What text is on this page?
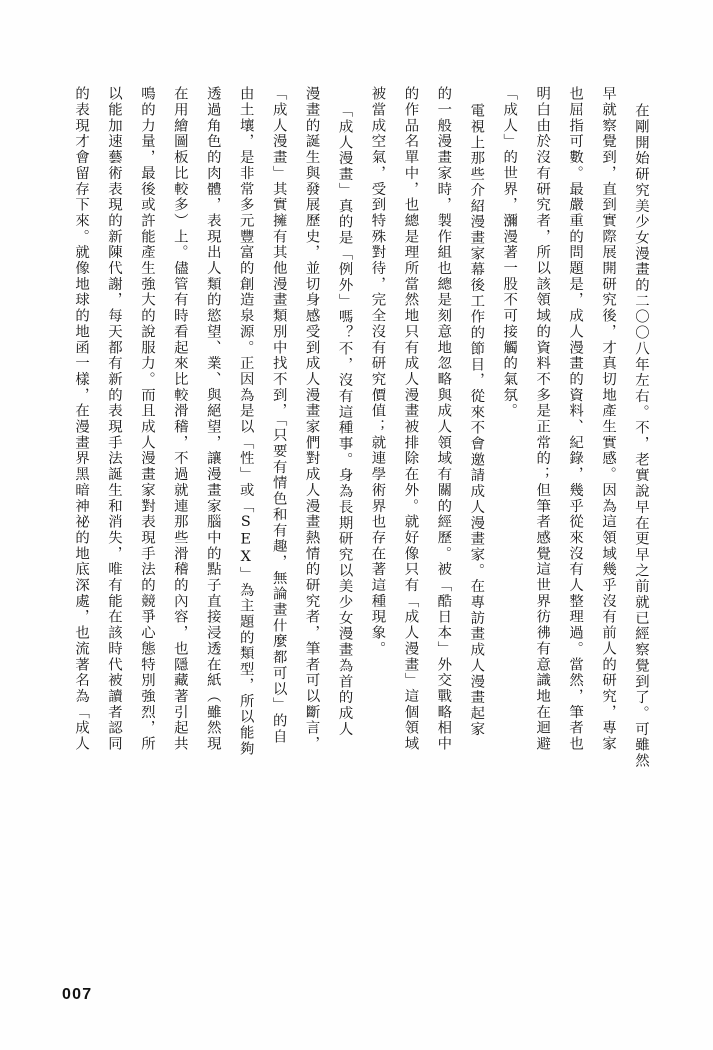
在剛開始研究美少女漫畫的二〇〇八年左右。不，老實說早在更早之前就已經察覺到了。可雖然
早就察覺到，直到實際展開研究後，才真切地產生實感。因為這領域幾乎沒有前人的研究，專家
也屈指可數。最嚴重的問題是，成人漫畫的資料、紀錄，幾乎從來沒有人整理過。當然，筆者也
明白由於沒有研究者，所以該領域的資料不多是正常的；但筆者感覺這世界彷彿有意識地在迴避
「成人」的世界，瀰漫著一股不可接觸的氣氛。
電視上那些介紹漫畫家幕後工作的節目，從來不會邀請成人漫畫家。在專訪畫成人漫畫起家
的一般漫畫家時，製作組也總是刻意地忽略與成人領域有關的經歷。被「酷日本」外交戰略相中
的作品名單中，也總是理所當然地只有成人漫畫被排除在外。就好像只有「成人漫畫」這個領域
被當成空氣，受到特殊對待，完全沒有研究價值；就連學術界也存在著這種現象。
「成人漫畫」真的是「例外」嗎？不，沒有這種事。身為長期研究以美少女漫畫為首的成人
漫畫的誕生與發展歷史，並切身感受到成人漫畫家們對成人漫畫熱情的研究者，筆者可以斷言，
「成人漫畫」其實擁有其他漫畫類別中找不到，「只要有情色和有趣，無論畫什麼都可以」的自
由土壤，是非常多元豐富的創造泉源。正因為是以「性」或「SEX」為主題的類型，所以能夠
透過角色的肉體，表現出人類的慾望、業、與絕望，讓漫畫家腦中的點子直接浸透在紙（雖然現
在用繪圖板比較多）上。儘管有時看起來比較滑稽，不過就連那些滑稽的內容，也隱藏著引起共
鳴的力量，最後或許能產生強大的說服力。而且成人漫畫家對表現手法的競爭心態特別強烈，所
以能加速藝術表現的新陳代謝，每天都有新的表現手法誕生和消失，唯有能在該時代被讀者認同
的表現才會留存下來。就像地球的地函一樣，在漫畫界黑暗神祕的地底深處，也流著名為「成人
007
